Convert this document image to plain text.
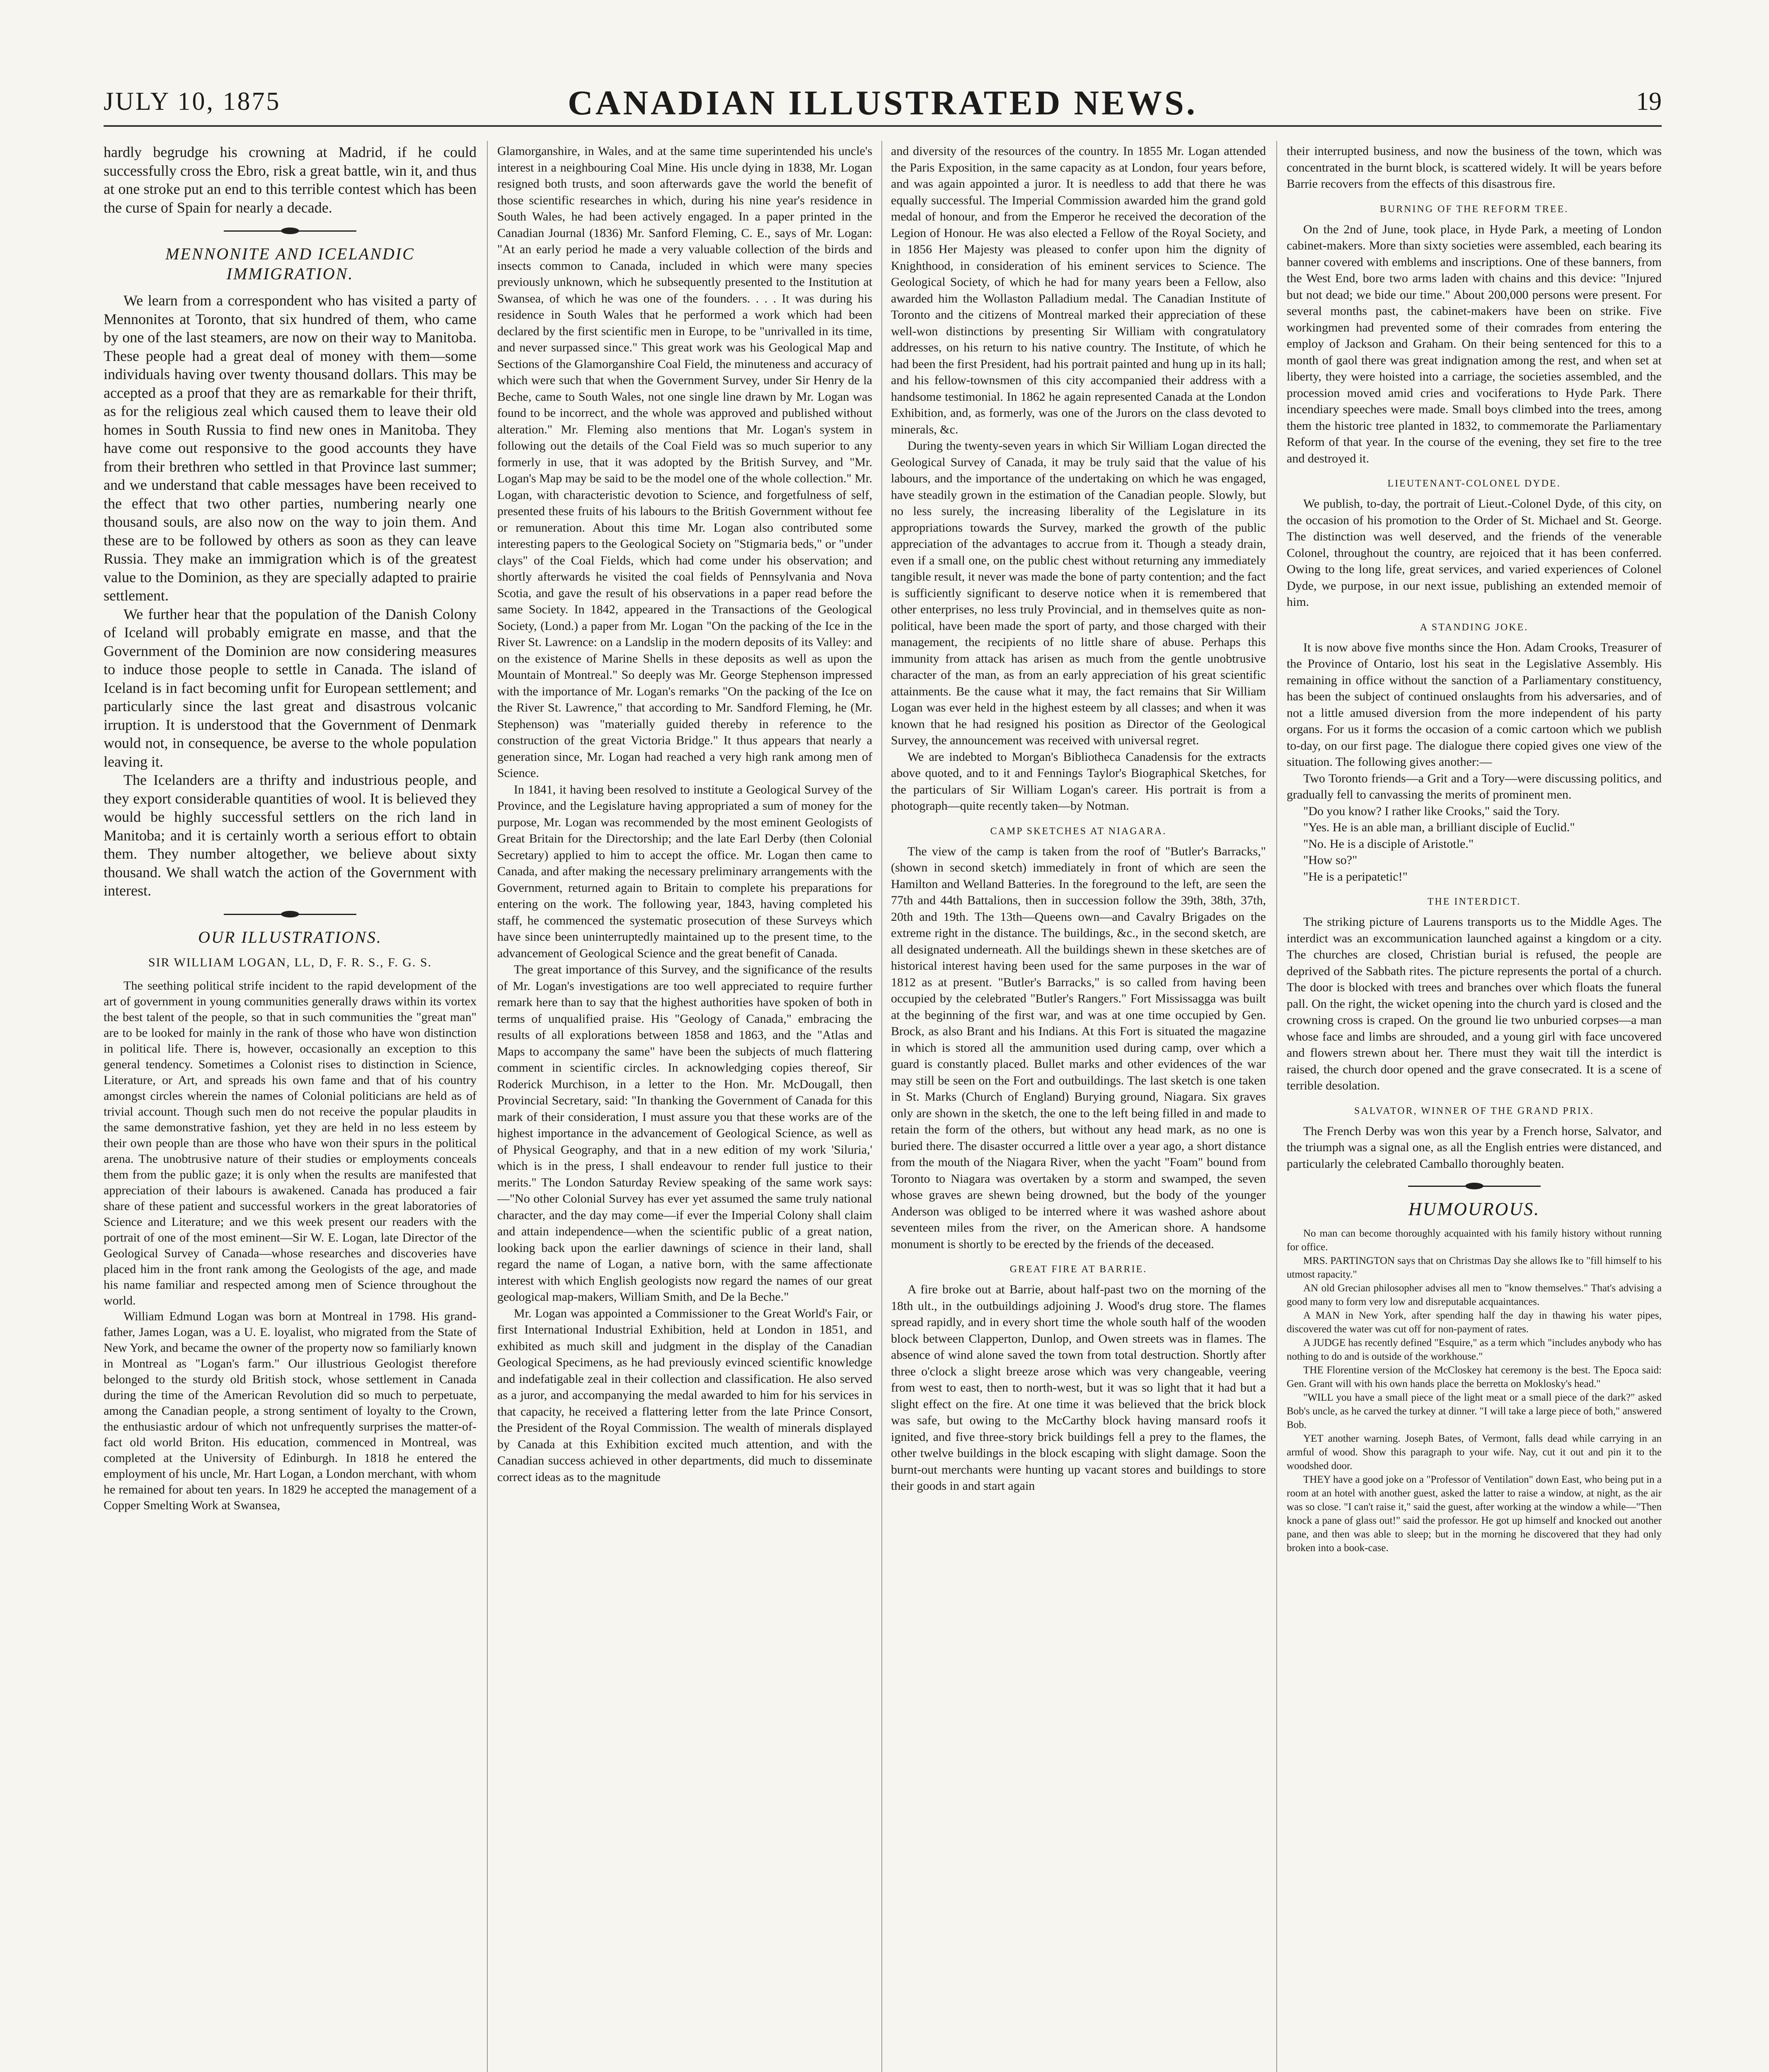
JULY 10, 1875	CANADIAN ILLUSTRATED NEWS.	19

hardly begrudge his crowning at Madrid, if he could successfully cross the Ebro, risk a great battle, win it, and thus at one stroke put an end to this terrible contest which has been the curse of Spain for nearly a decade.

MENNONITE AND ICELANDIC IMMIGRATION.

We learn from a correspondent who has visited a party of Mennonites at Toronto, that six hundred of them, who came by one of the last steamers, are now on their way to Manitoba. These people had a great deal of money with them—some individuals having over twenty thousand dollars. This may be accepted as a proof that they are as remarkable for their thrift, as for the religious zeal which caused them to leave their old homes in South Russia to find new ones in Manitoba. They have come out responsive to the good accounts they have from their brethren who settled in that Province last summer; and we understand that cable messages have been received to the effect that two other parties, numbering nearly one thousand souls, are also now on the way to join them. And these are to be followed by others as soon as they can leave Russia. They make an immigration which is of the greatest value to the Dominion, as they are specially adapted to prairie settlement.

We further hear that the population of the Danish Colony of Iceland will probably emigrate en masse, and that the Government of the Dominion are now considering measures to induce those people to settle in Canada. The island of Iceland is in fact becoming unfit for European settlement; and particularly since the last great and disastrous volcanic irruption. It is understood that the Government of Denmark would not, in consequence, be averse to the whole population leaving it.

The Icelanders are a thrifty and industrious people, and they export considerable quantities of wool. It is believed they would be highly successful settlers on the rich land in Manitoba; and it is certainly worth a serious effort to obtain them. They number altogether, we believe about sixty thousand. We shall watch the action of the Government with interest.

OUR ILLUSTRATIONS.
SIR WILLIAM LOGAN, LL, D, F. R. S., F. G. S.

The seething political strife incident to the rapid development of the art of government in young communities generally draws within its vortex the best talent of the people, so that in such communities the "great man" are to be looked for mainly in the rank of those who have won distinction in political life. There is, however, occasionally an exception to this general tendency. Sometimes a Colonist rises to distinction in Science, Literature, or Art, and spreads his own fame and that of his country amongst circles wherein the names of Colonial politicians are held as of trivial account. Though such men do not receive the popular plaudits in the same demonstrative fashion, yet they are held in no less esteem by their own people than are those who have won their spurs in the political arena. The unobtrusive nature of their studies or employments conceals them from the public gaze; it is only when the results are manifested that appreciation of their labours is awakened. Canada has produced a fair share of these patient and successful workers in the great laboratories of Science and Literature; and we this week present our readers with the portrait of one of the most eminent—Sir W. E. Logan, late Director of the Geological Survey of Canada—whose researches and discoveries have placed him in the front rank among the Geologists of the age, and made his name familiar and respected among men of Science throughout the world.

William Edmund Logan was born at Montreal in 1798. His grand-father, James Logan, was a U. E. loyalist, who migrated from the State of New York, and became the owner of the property now so familiarly known in Montreal as "Logan's farm." Our illustrious Geologist therefore belonged to the sturdy old British stock, whose settlement in Canada during the time of the American Revolution did so much to perpetuate, among the Canadian people, a strong sentiment of loyalty to the Crown, the enthusiastic ardour of which not unfrequently surprises the matter-of-fact old world Briton. His education, commenced in Montreal, was completed at the University of Edinburgh. In 1818 he entered the employment of his uncle, Mr. Hart Logan, a London merchant, with whom he remained for about ten years. In 1829 he accepted the management of a Copper Smelting Work at Swansea,

Glamorganshire, in Wales, and at the same time superintended his uncle's interest in a neighbouring Coal Mine. His uncle dying in 1838, Mr. Logan resigned both trusts, and soon afterwards gave the world the benefit of those scientific researches in which, during his nine year's residence in South Wales, he had been actively engaged. In a paper printed in the Canadian Journal (1836) Mr. Sanford Fleming, C. E., says of Mr. Logan: "At an early period he made a very valuable collection of the birds and insects common to Canada, included in which were many species previously unknown, which he subsequently presented to the Institution at Swansea, of which he was one of the founders. . . . It was during his residence in South Wales that he performed a work which had been declared by the first scientific men in Europe, to be "unrivalled in its time, and never surpassed since." This great work was his Geological Map and Sections of the Glamorganshire Coal Field, the minuteness and accuracy of which were such that when the Government Survey, under Sir Henry de la Beche, came to South Wales, not one single line drawn by Mr. Logan was found to be incorrect, and the whole was approved and published without alteration." Mr. Fleming also mentions that Mr. Logan's system in following out the details of the Coal Field was so much superior to any formerly in use, that it was adopted by the British Survey, and "Mr. Logan's Map may be said to be the model one of the whole collection." Mr. Logan, with characteristic devotion to Science, and forgetfulness of self, presented these fruits of his labours to the British Government without fee or remuneration. About this time Mr. Logan also contributed some interesting papers to the Geological Society on "Stigmaria beds," or "under clays" of the Coal Fields, which had come under his observation; and shortly afterwards he visited the coal fields of Pennsylvania and Nova Scotia, and gave the result of his observations in a paper read before the same Society. In 1842, appeared in the Transactions of the Geological Society, (Lond.) a paper from Mr. Logan "On the packing of the Ice in the River St. Lawrence: on a Landslip in the modern deposits of its Valley: and on the existence of Marine Shells in these deposits as well as upon the Mountain of Montreal." So deeply was Mr. George Stephenson impressed with the importance of Mr. Logan's remarks "On the packing of the Ice on the River St. Lawrence," that according to Mr. Sandford Fleming, he (Mr. Stephenson) was "materially guided thereby in reference to the construction of the great Victoria Bridge." It thus appears that nearly a generation since, Mr. Logan had reached a very high rank among men of Science.

In 1841, it having been resolved to institute a Geological Survey of the Province, and the Legislature having appropriated a sum of money for the purpose, Mr. Logan was recommended by the most eminent Geologists of Great Britain for the Directorship; and the late Earl Derby (then Colonial Secretary) applied to him to accept the office. Mr. Logan then came to Canada, and after making the necessary preliminary arrangements with the Government, returned again to Britain to complete his preparations for entering on the work. The following year, 1843, having completed his staff, he commenced the systematic prosecution of these Surveys which have since been uninterruptedly maintained up to the present time, to the advancement of Geological Science and the great benefit of Canada.

The great importance of this Survey, and the significance of the results of Mr. Logan's investigations are too well appreciated to require further remark here than to say that the highest authorities have spoken of both in terms of unqualified praise. His "Geology of Canada," embracing the results of all explorations between 1858 and 1863, and the "Atlas and Maps to accompany the same" have been the subjects of much flattering comment in scientific circles. In acknowledging copies thereof, Sir Roderick Murchison, in a letter to the Hon. Mr. McDougall, then Provincial Secretary, said: "In thanking the Government of Canada for this mark of their consideration, I must assure you that these works are of the highest importance in the advancement of Geological Science, as well as of Physical Geography, and that in a new edition of my work 'Siluria,' which is in the press, I shall endeavour to render full justice to their merits." The London Saturday Review speaking of the same work says:—"No other Colonial Survey has ever yet assumed the same truly national character, and the day may come—if ever the Imperial Colony shall claim and attain independence—when the scientific public of a great nation, looking back upon the earlier dawnings of science in their land, shall regard the name of Logan, a native born, with the same affectionate interest with which English geologists now regard the names of our great geological map-makers, William Smith, and De la Beche."

Mr. Logan was appointed a Commissioner to the Great World's Fair, or first International Industrial Exhibition, held at London in 1851, and exhibited as much skill and judgment in the display of the Canadian Geological Specimens, as he had previously evinced scientific knowledge and indefatigable zeal in their collection and classification. He also served as a juror, and accompanying the medal awarded to him for his services in that capacity, he received a flattering letter from the late Prince Consort, the President of the Royal Commission. The wealth of minerals displayed by Canada at this Exhibition excited much attention, and with the Canadian success achieved in other departments, did much to disseminate correct ideas as to the magnitude

and diversity of the resources of the country. In 1855 Mr. Logan attended the Paris Exposition, in the same capacity as at London, four years before, and was again appointed a juror. It is needless to add that there he was equally successful. The Imperial Commission awarded him the grand gold medal of honour, and from the Emperor he received the decoration of the Legion of Honour. He was also elected a Fellow of the Royal Society, and in 1856 Her Majesty was pleased to confer upon him the dignity of Knighthood, in consideration of his eminent services to Science. The Geological Society, of which he had for many years been a Fellow, also awarded him the Wollaston Palladium medal. The Canadian Institute of Toronto and the citizens of Montreal marked their appreciation of these well-won distinctions by presenting Sir William with congratulatory addresses, on his return to his native country. The Institute, of which he had been the first President, had his portrait painted and hung up in its hall; and his fellow-townsmen of this city accompanied their address with a handsome testimonial. In 1862 he again represented Canada at the London Exhibition, and, as formerly, was one of the Jurors on the class devoted to minerals, &c.

During the twenty-seven years in which Sir William Logan directed the Geological Survey of Canada, it may be truly said that the value of his labours, and the importance of the undertaking on which he was engaged, have steadily grown in the estimation of the Canadian people. Slowly, but no less surely, the increasing liberality of the Legislature in its appropriations towards the Survey, marked the growth of the public appreciation of the advantages to accrue from it. Though a steady drain, even if a small one, on the public chest without returning any immediately tangible result, it never was made the bone of party contention; and the fact is sufficiently significant to deserve notice when it is remembered that other enterprises, no less truly Provincial, and in themselves quite as non-political, have been made the sport of party, and those charged with their management, the recipients of no little share of abuse. Perhaps this immunity from attack has arisen as much from the gentle unobtrusive character of the man, as from an early appreciation of his great scientific attainments. Be the cause what it may, the fact remains that Sir William Logan was ever held in the highest esteem by all classes; and when it was known that he had resigned his position as Director of the Geological Survey, the announcement was received with universal regret.

We are indebted to Morgan's Bibliotheca Canadensis for the extracts above quoted, and to it and Fennings Taylor's Biographical Sketches, for the particulars of Sir William Logan's career. His portrait is from a photograph—quite recently taken—by Notman.

CAMP SKETCHES AT NIAGARA.

The view of the camp is taken from the roof of "Butler's Barracks," (shown in second sketch) immediately in front of which are seen the Hamilton and Welland Batteries. In the foreground to the left, are seen the 77th and 44th Battalions, then in succession follow the 39th, 38th, 37th, 20th and 19th. The 13th—Queens own—and Cavalry Brigades on the extreme right in the distance. The buildings, &c., in the second sketch, are all designated underneath. All the buildings shewn in these sketches are of historical interest having been used for the same purposes in the war of 1812 as at present. "Butler's Barracks," is so called from having been occupied by the celebrated "Butler's Rangers." Fort Mississagga was built at the beginning of the first war, and was at one time occupied by Gen. Brock, as also Brant and his Indians. At this Fort is situated the magazine in which is stored all the ammunition used during camp, over which a guard is constantly placed. Bullet marks and other evidences of the war may still be seen on the Fort and outbuildings. The last sketch is one taken in St. Marks (Church of England) Burying ground, Niagara. Six graves only are shown in the sketch, the one to the left being filled in and made to retain the form of the others, but without any head mark, as no one is buried there. The disaster occurred a little over a year ago, a short distance from the mouth of the Niagara River, when the yacht "Foam" bound from Toronto to Niagara was overtaken by a storm and swamped, the seven whose graves are shewn being drowned, but the body of the younger Anderson was obliged to be interred where it was washed ashore about seventeen miles from the river, on the American shore. A handsome monument is shortly to be erected by the friends of the deceased.

GREAT FIRE AT BARRIE.

A fire broke out at Barrie, about half-past two on the morning of the 18th ult., in the outbuildings adjoining J. Wood's drug store. The flames spread rapidly, and in every short time the whole south half of the wooden block between Clapperton, Dunlop, and Owen streets was in flames. The absence of wind alone saved the town from total destruction. Shortly after three o'clock a slight breeze arose which was very changeable, veering from west to east, then to north-west, but it was so light that it had but a slight effect on the fire. At one time it was believed that the brick block was safe, but owing to the McCarthy block having mansard roofs it ignited, and five three-story brick buildings fell a prey to the flames, the other twelve buildings in the block escaping with slight damage. Soon the burnt-out merchants were hunting up vacant stores and buildings to store their goods in and start again

their interrupted business, and now the business of the town, which was concentrated in the burnt block, is scattered widely. It will be years before Barrie recovers from the effects of this disastrous fire.

BURNING OF THE REFORM TREE.

On the 2nd of June, took place, in Hyde Park, a meeting of London cabinet-makers. More than sixty societies were assembled, each bearing its banner covered with emblems and inscriptions. One of these banners, from the West End, bore two arms laden with chains and this device: "Injured but not dead; we bide our time." About 200,000 persons were present. For several months past, the cabinet-makers have been on strike. Five workingmen had prevented some of their comrades from entering the employ of Jackson and Graham. On their being sentenced for this to a month of gaol there was great indignation among the rest, and when set at liberty, they were hoisted into a carriage, the societies assembled, and the procession moved amid cries and vociferations to Hyde Park. There incendiary speeches were made. Small boys climbed into the trees, among them the historic tree planted in 1832, to commemorate the Parliamentary Reform of that year. In the course of the evening, they set fire to the tree and destroyed it.

LIEUTENANT-COLONEL DYDE.

We publish, to-day, the portrait of Lieut.-Colonel Dyde, of this city, on the occasion of his promotion to the Order of St. Michael and St. George. The distinction was well deserved, and the friends of the venerable Colonel, throughout the country, are rejoiced that it has been conferred. Owing to the long life, great services, and varied experiences of Colonel Dyde, we purpose, in our next issue, publishing an extended memoir of him.

A STANDING JOKE.

It is now above five months since the Hon. Adam Crooks, Treasurer of the Province of Ontario, lost his seat in the Legislative Assembly. His remaining in office without the sanction of a Parliamentary constituency, has been the subject of continued onslaughts from his adversaries, and of not a little amused diversion from the more independent of his party organs. For us it forms the occasion of a comic cartoon which we publish to-day, on our first page. The dialogue there copied gives one view of the situation. The following gives another:—

Two Toronto friends—a Grit and a Tory—were discussing politics, and gradually fell to canvassing the merits of prominent men.

"Do you know? I rather like Crooks," said the Tory.

"Yes. He is an able man, a brilliant disciple of Euclid."

"No. He is a disciple of Aristotle."

"How so?"

"He is a peripatetic!"

THE INTERDICT.

The striking picture of Laurens transports us to the Middle Ages. The interdict was an excommunication launched against a kingdom or a city. The churches are closed, Christian burial is refused, the people are deprived of the Sabbath rites. The picture represents the portal of a church. The door is blocked with trees and branches over which floats the funeral pall. On the right, the wicket opening into the church yard is closed and the crowning cross is craped. On the ground lie two unburied corpses—a man whose face and limbs are shrouded, and a young girl with face uncovered and flowers strewn about her. There must they wait till the interdict is raised, the church door opened and the grave consecrated. It is a scene of terrible desolation.

SALVATOR, WINNER OF THE GRAND PRIX.

The French Derby was won this year by a French horse, Salvator, and the triumph was a signal one, as all the English entries were distanced, and particularly the celebrated Camballo thoroughly beaten.

HUMOUROUS.

No man can become thoroughly acquainted with his family history without running for office.

MRS. PARTINGTON says that on Christmas Day she allows Ike to "fill himself to his utmost rapacity."

AN old Grecian philosopher advises all men to "know themselves." That's advising a good many to form very low and disreputable acquaintances.

A MAN in New York, after spending half the day in thawing his water pipes, discovered the water was cut off for non-payment of rates.

A JUDGE has recently defined "Esquire," as a term which "includes anybody who has nothing to do and is outside of the workhouse."

THE Florentine version of the McCloskey hat ceremony is the best. The Epoca said: Gen. Grant will with his own hands place the berretta on Moklosky's head."

"WILL you have a small piece of the light meat or a small piece of the dark?" asked Bob's uncle, as he carved the turkey at dinner. "I will take a large piece of both," answered Bob.

YET another warning. Joseph Bates, of Vermont, falls dead while carrying in an armful of wood. Show this paragraph to your wife. Nay, cut it out and pin it to the woodshed door.

THEY have a good joke on a "Professor of Ventilation" down East, who being put in a room at an hotel with another guest, asked the latter to raise a window, at night, as the air was so close. "I can't raise it," said the guest, after working at the window a while—"Then knock a pane of glass out!" said the professor. He got up himself and knocked out another pane, and then was able to sleep; but in the morning he discovered that they had only broken into a book-case.
